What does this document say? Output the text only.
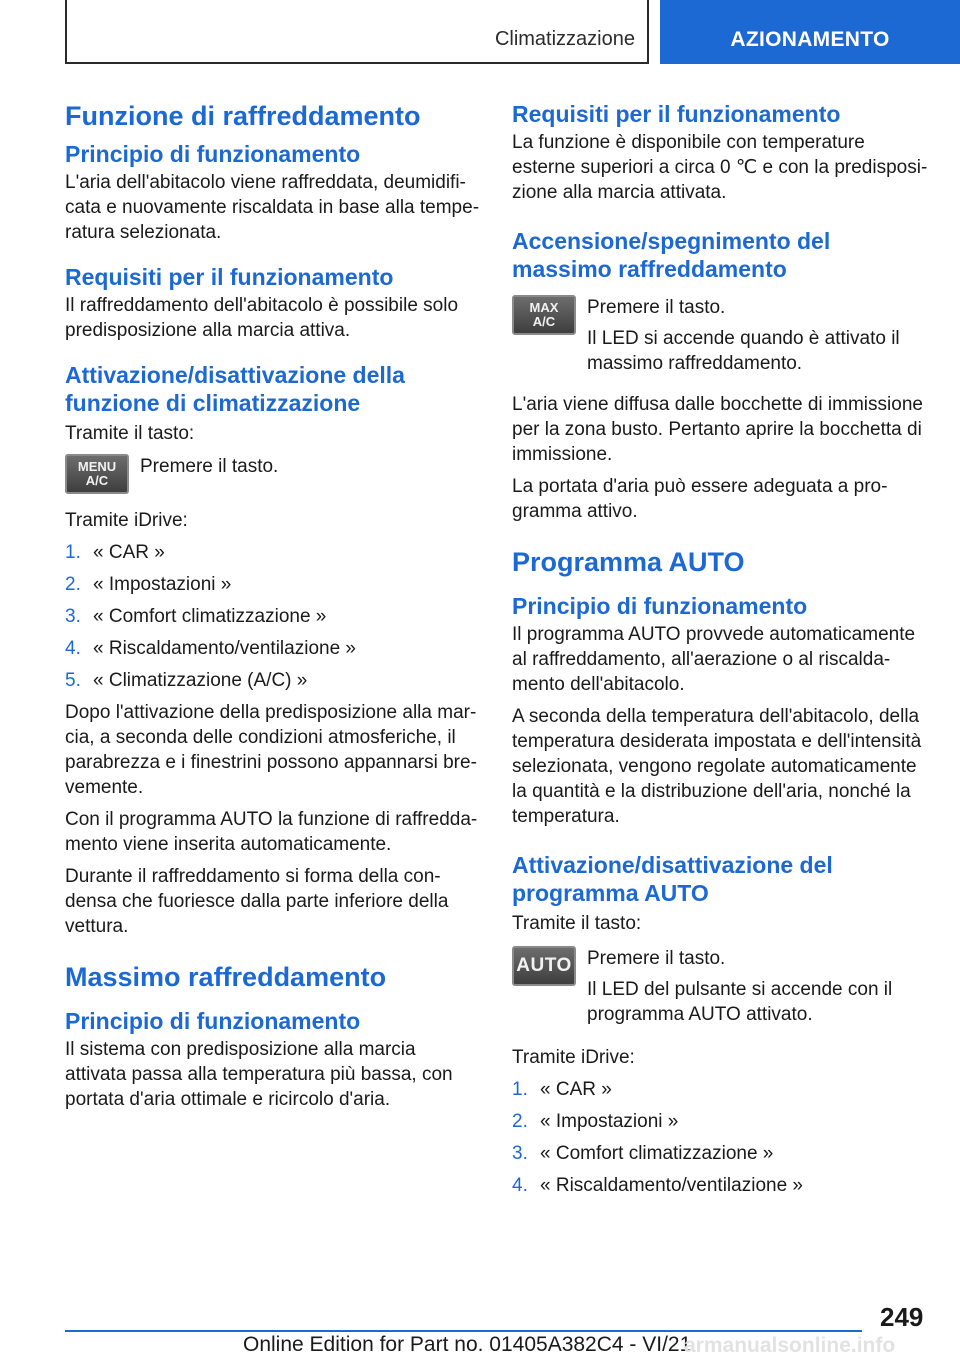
Climatizzazione	AZIONAMENTO
Funzione di raffreddamento
Principio di funzionamento

L'aria dell'abitacolo viene raffreddata, deumidificata e nuovamente riscaldata in base alla temperatura selezionata.

Requisiti per il funzionamento

Il raffreddamento dell'abitacolo è possibile solo predisposizione alla marcia attiva.

Attivazione/disattivazione della funzione di climatizzazione

Tramite il tasto:

MENU
A/C

Premere il tasto.

Tramite iDrive:

1. « CAR »
2. « Impostazioni »
3. « Comfort climatizzazione »
4. « Riscaldamento/ventilazione »
5. « Climatizzazione (A/C) »

Dopo l'attivazione della predisposizione alla marcia, a seconda delle condizioni atmosferiche, il parabrezza e i finestrini possono appannarsi brevemente.

Con il programma AUTO la funzione di raffreddamento viene inserita automaticamente.

Durante il raffreddamento si forma della condensa che fuoriesce dalla parte inferiore della vettura.

Massimo raffreddamento
Principio di funzionamento

Il sistema con predisposizione alla marcia attivata passa alla temperatura più bassa, con portata d'aria ottimale e ricircolo d'aria.

Requisiti per il funzionamento

La funzione è disponibile con temperature esterne superiori a circa 0 ℃ e con la predisposizione alla marcia attivata.

Accensione/spegnimento del massimo raffreddamento
MAX
A/C

Premere il tasto.

Il LED si accende quando è attivato il massimo raffreddamento.

L'aria viene diffusa dalle bocchette di immissione per la zona busto. Pertanto aprire la bocchetta di immissione.

La portata d'aria può essere adeguata a programma attivo.

Programma AUTO
Principio di funzionamento

Il programma AUTO provvede automaticamente al raffreddamento, all'aerazione o al riscaldamento dell'abitacolo.

A seconda della temperatura dell'abitacolo, della temperatura desiderata impostata e dell'intensità selezionata, vengono regolate automaticamente la quantità e la distribuzione dell'aria, nonché la temperatura.

Attivazione/disattivazione del programma AUTO

Tramite il tasto:

AUTO Premere il tasto.

Il LED del pulsante si accende con il programma AUTO attivato.

Tramite iDrive:

1. « CAR »
2. « Impostazioni »
3. « Comfort climatizzazione »
4. « Riscaldamento/ventilazione »
249
Online Edition for Part no. 01405A382C4 - VI/21
armanualsonline.info
